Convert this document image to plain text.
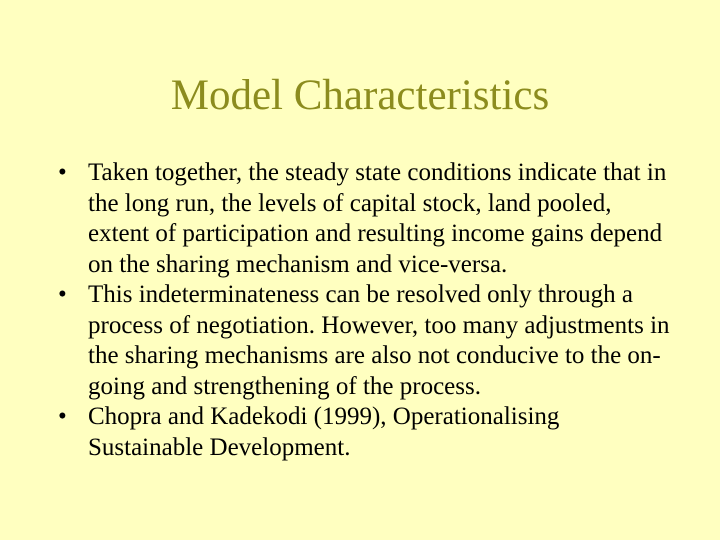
Model Characteristics
• Taken together, the steady state conditions indicate that in the long run, the levels of capital stock, land pooled, extent of participation and resulting income gains depend on the sharing mechanism and vice-versa.
• This indeterminateness can be resolved only through a process of negotiation. However, too many adjustments in the sharing mechanisms are also not conducive to the on-going and strengthening of the process.
• Chopra and Kadekodi (1999), Operationalising Sustainable Development.
